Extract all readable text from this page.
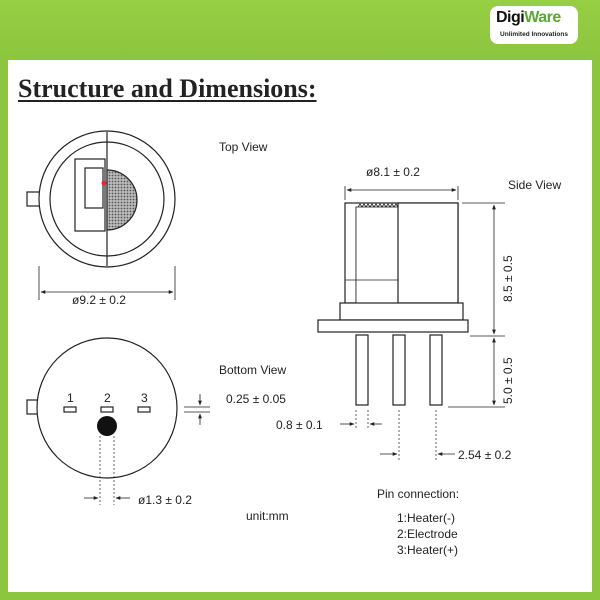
DigiWare
Unlimited Innovations
Structure and Dimensions:
ø9.2 ± 0.2
Top View
1	2	3
Bottom View
0.25 ± 0.05
ø1.3 ± 0.2
unit:mm
ø8.1 ± 0.2
Side View
8.5 ± 0.5
5.0 ± 0.5
0.8 ± 0.1
2.54 ± 0.2
Pin connection:
1:Heater(-)
2:Electrode
3:Heater(+)
